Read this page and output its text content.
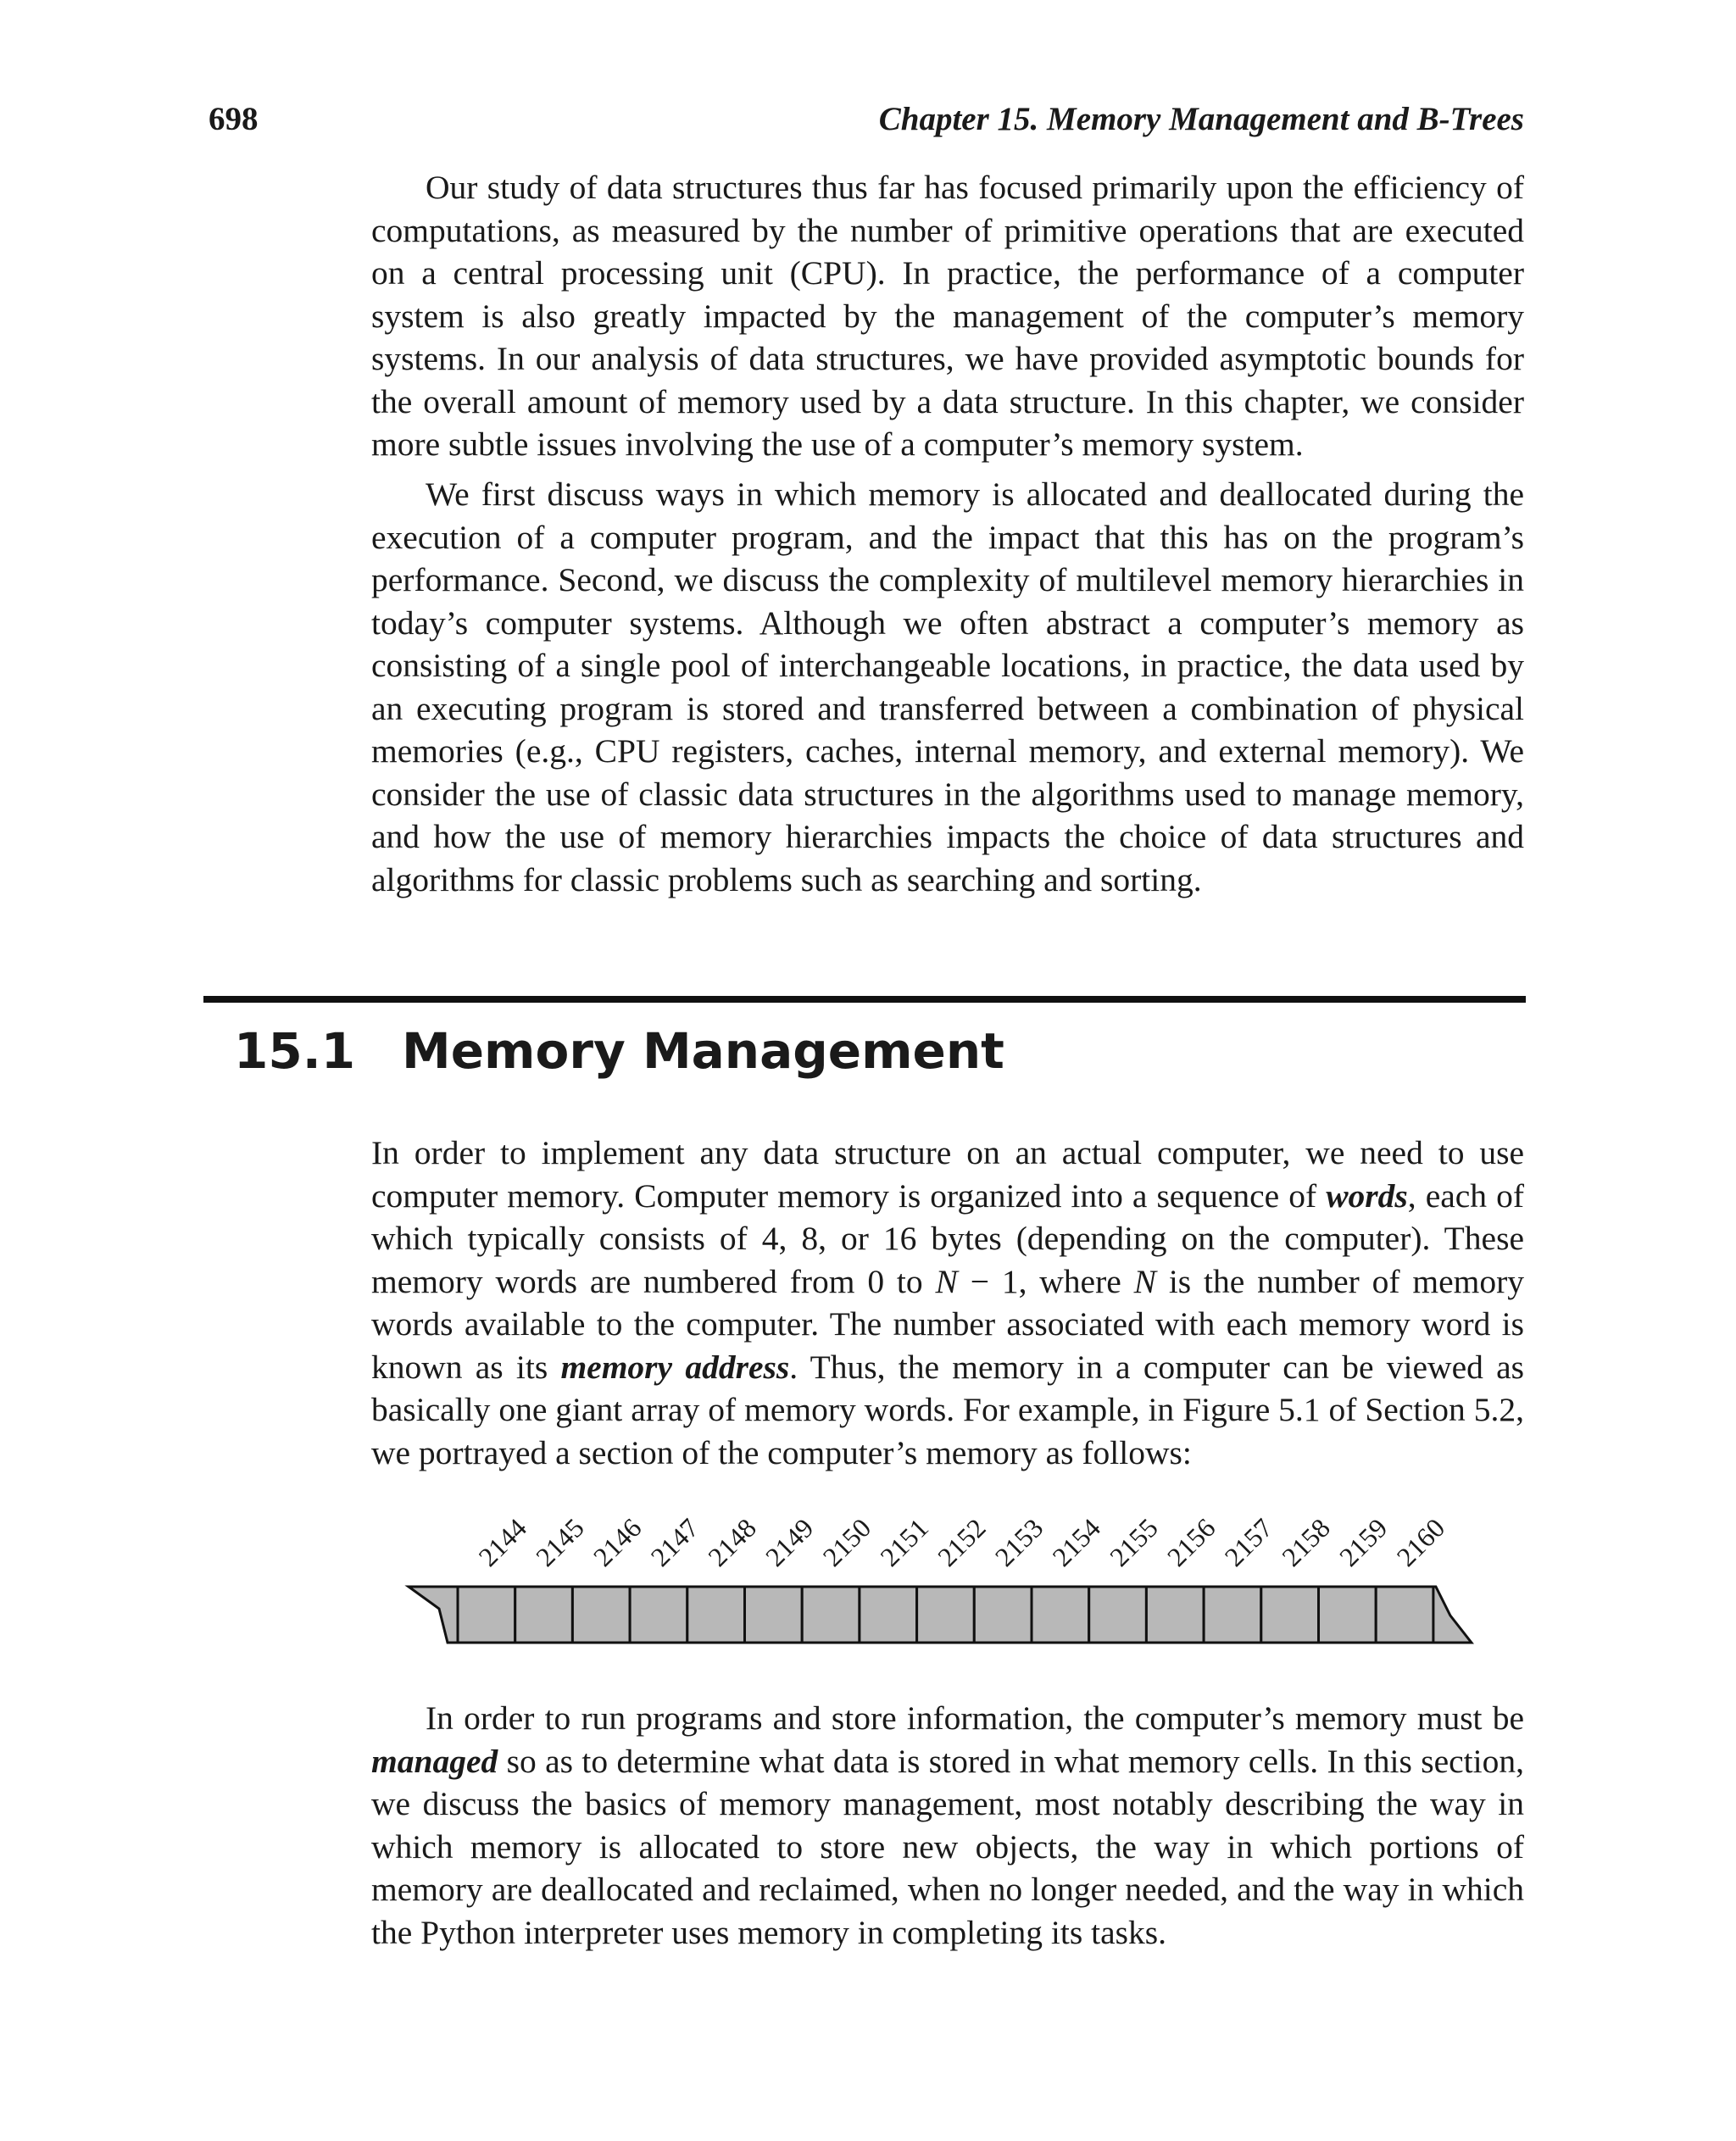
698	Chapter 15. Memory Management and B-Trees

Our study of data structures thus far has focused primarily upon the efficiency of computations, as measured by the number of primitive operations that are executed on a central processing unit (CPU). In practice, the performance of a computer system is also greatly impacted by the management of the computer’s memory systems. In our analysis of data structures, we have provided asymptotic bounds for the overall amount of memory used by a data structure. In this chapter, we consider more subtle issues involving the use of a computer’s memory system.

We first discuss ways in which memory is allocated and deallocated during the execution of a computer program, and the impact that this has on the program’s performance. Second, we discuss the complexity of multilevel memory hierarchies in today’s computer systems. Although we often abstract a computer’s memory as consisting of a single pool of interchangeable locations, in practice, the data used by an executing program is stored and transferred between a combination of physical memories (e.g., CPU registers, caches, internal memory, and external memory). We consider the use of classic data structures in the algorithms used to manage memory, and how the use of memory hierarchies impacts the choice of data structures and algorithms for classic problems such as searching and sorting.

15.1 Memory Management

In order to implement any data structure on an actual computer, we need to use computer memory. Computer memory is organized into a sequence of words, each of which typically consists of 4, 8, or 16 bytes (depending on the computer). These memory words are numbered from 0 to N − 1, where N is the number of memory words available to the computer. The number associated with each memory word is known as its memory address. Thus, the memory in a computer can be viewed as basically one giant array of memory words. For example, in Figure 5.1 of Section 5.2, we portrayed a section of the computer’s memory as follows:

2144
2145
2146
2147
2148
2149
2150
2151
2152
2153
2154
2155
2156
2157
2158
2159
2160

In order to run programs and store information, the computer’s memory must be managed so as to determine what data is stored in what memory cells. In this section, we discuss the basics of memory management, most notably describing the way in which memory is allocated to store new objects, the way in which portions of memory are deallocated and reclaimed, when no longer needed, and the way in which the Python interpreter uses memory in completing its tasks.
